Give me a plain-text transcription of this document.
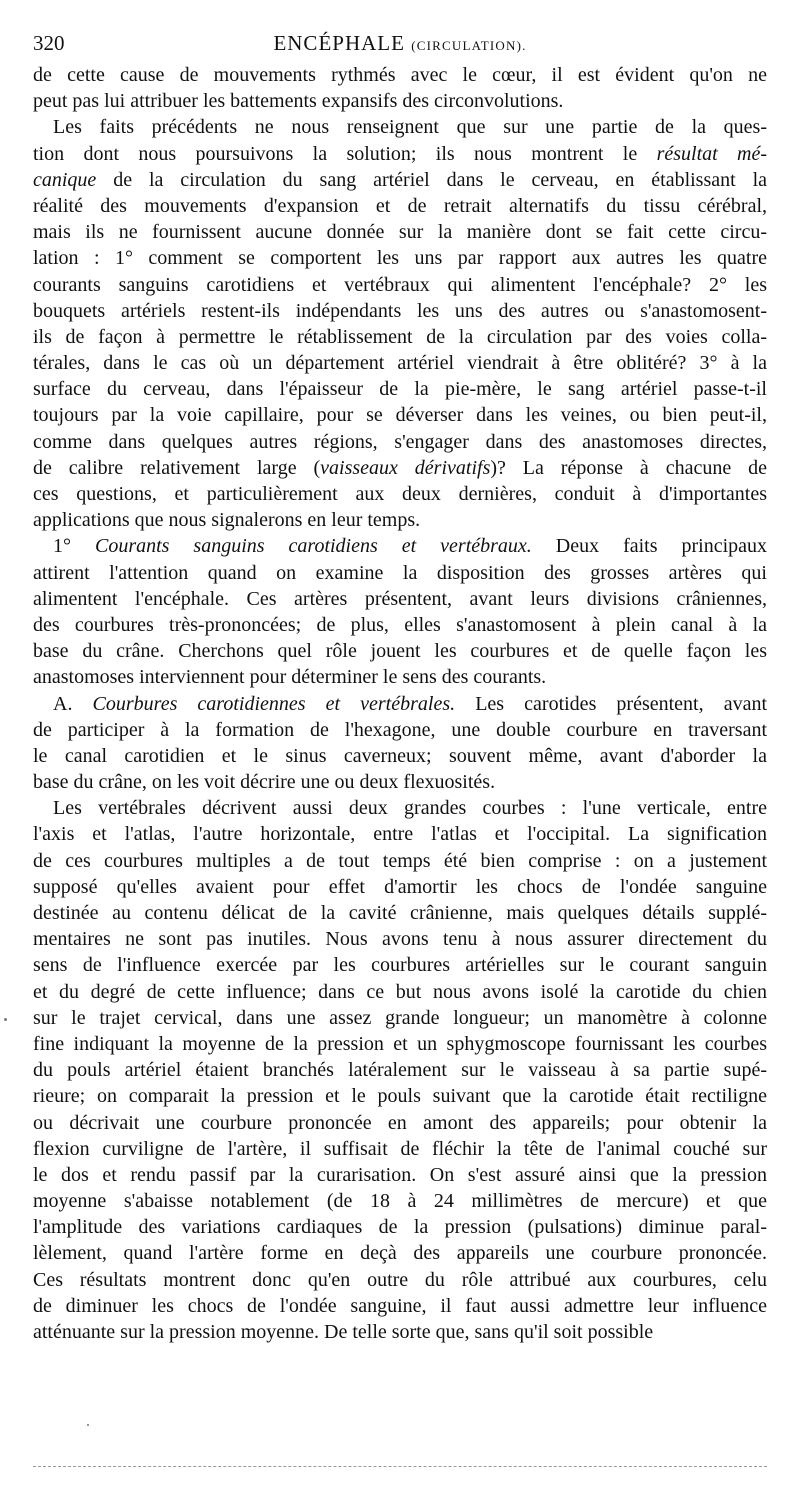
320	ENCÉPHALE (CIRCULATION).
de cette cause de mouvements rythmés avec le cœur, il est évident qu'on ne
peut pas lui attribuer les battements expansifs des circonvolutions.
Les faits précédents ne nous renseignent que sur une partie de la ques-
tion dont nous poursuivons la solution; ils nous montrent le résultat mé-
canique de la circulation du sang artériel dans le cerveau, en établissant la
réalité des mouvements d'expansion et de retrait alternatifs du tissu cérébral,
mais ils ne fournissent aucune donnée sur la manière dont se fait cette circu-
lation : 1° comment se comportent les uns par rapport aux autres les quatre
courants sanguins carotidiens et vertébraux qui alimentent l'encéphale? 2° les
bouquets artériels restent-ils indépendants les uns des autres ou s'anastomosent-
ils de façon à permettre le rétablissement de la circulation par des voies colla-
térales, dans le cas où un département artériel viendrait à être oblitéré? 3° à la
surface du cerveau, dans l'épaisseur de la pie-mère, le sang artériel passe-t-il
toujours par la voie capillaire, pour se déverser dans les veines, ou bien peut-il,
comme dans quelques autres régions, s'engager dans des anastomoses directes,
de calibre relativement large (vaisseaux dérivatifs)? La réponse à chacune de
ces questions, et particulièrement aux deux dernières, conduit à d'importantes
applications que nous signalerons en leur temps.
1° Courants sanguins carotidiens et vertébraux. Deux faits principaux
attirent l'attention quand on examine la disposition des grosses artères qui
alimentent l'encéphale. Ces artères présentent, avant leurs divisions crâniennes,
des courbures très-prononcées; de plus, elles s'anastomosent à plein canal à la
base du crâne. Cherchons quel rôle jouent les courbures et de quelle façon les
anastomoses interviennent pour déterminer le sens des courants.
A. Courbures carotidiennes et vertébrales. Les carotides présentent, avant
de participer à la formation de l'hexagone, une double courbure en traversant
le canal carotidien et le sinus caverneux; souvent même, avant d'aborder la
base du crâne, on les voit décrire une ou deux flexuosités.
Les vertébrales décrivent aussi deux grandes courbes : l'une verticale, entre
l'axis et l'atlas, l'autre horizontale, entre l'atlas et l'occipital. La signification
de ces courbures multiples a de tout temps été bien comprise : on a justement
supposé qu'elles avaient pour effet d'amortir les chocs de l'ondée sanguine
destinée au contenu délicat de la cavité crânienne, mais quelques détails supplé-
mentaires ne sont pas inutiles. Nous avons tenu à nous assurer directement du
sens de l'influence exercée par les courbures artérielles sur le courant sanguin
et du degré de cette influence; dans ce but nous avons isolé la carotide du chien
sur le trajet cervical, dans une assez grande longueur; un manomètre à colonne
fine indiquant la moyenne de la pression et un sphygmoscope fournissant les courbes
du pouls artériel étaient branchés latéralement sur le vaisseau à sa partie supé-
rieure; on comparait la pression et le pouls suivant que la carotide était rectiligne
ou décrivait une courbure prononcée en amont des appareils; pour obtenir la
flexion curviligne de l'artère, il suffisait de fléchir la tête de l'animal couché sur
le dos et rendu passif par la curarisation. On s'est assuré ainsi que la pression
moyenne s'abaisse notablement (de 18 à 24 millimètres de mercure) et que
l'amplitude des variations cardiaques de la pression (pulsations) diminue paral-
lèlement, quand l'artère forme en deçà des appareils une courbure prononcée.
Ces résultats montrent donc qu'en outre du rôle attribué aux courbures, celu
de diminuer les chocs de l'ondée sanguine, il faut aussi admettre leur influence
atténuante sur la pression moyenne. De telle sorte que, sans qu'il soit possible
